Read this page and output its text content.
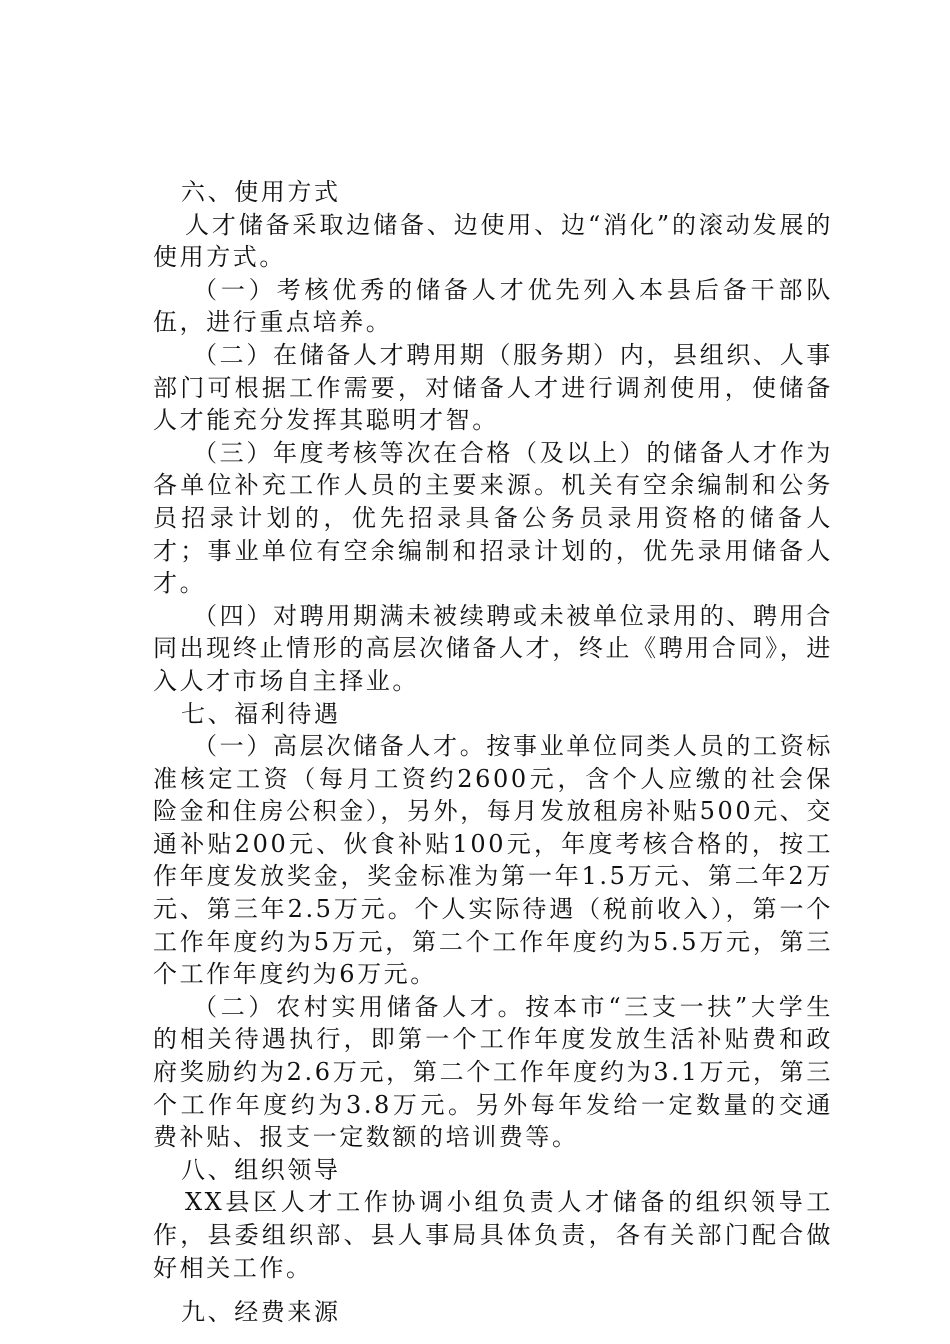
六、使用方式

人才储备采取边储备、边使用、边“消化”的滚动发展的使用方式。

（一）考核优秀的储备人才优先列入本县后备干部队伍，进行重点培养。

（二）在储备人才聘用期（服务期）内，县组织、人事部门可根据工作需要，对储备人才进行调剂使用，使储备人才能充分发挥其聪明才智。

（三）年度考核等次在合格（及以上）的储备人才作为各单位补充工作人员的主要来源。机关有空余编制和公务员招录计划的，优先招录具备公务员录用资格的储备人才；事业单位有空余编制和招录计划的，优先录用储备人才。

（四）对聘用期满未被续聘或未被单位录用的、聘用合同出现终止情形的高层次储备人才，终止《聘用合同》，进入人才市场自主择业。

七、福利待遇

（一）高层次储备人才。按事业单位同类人员的工资标准核定工资（每月工资约2600元，含个人应缴的社会保险金和住房公积金），另外，每月发放租房补贴500元、交通补贴200元、伙食补贴100元，年度考核合格的，按工作年度发放奖金，奖金标准为第一年1.5万元、第二年2万元、第三年2.5万元。个人实际待遇（税前收入），第一个工作年度约为5万元，第二个工作年度约为5.5万元，第三个工作年度约为6万元。

（二）农村实用储备人才。按本市“三支一扶”大学生的相关待遇执行，即第一个工作年度发放生活补贴费和政府奖励约为2.6万元，第二个工作年度约为3.1万元，第三个工作年度约为3.8万元。另外每年发给一定数量的交通费补贴、报支一定数额的培训费等。

八、组织领导

XX县区人才工作协调小组负责人才储备的组织领导工作，县委组织部、县人事局具体负责，各有关部门配合做好相关工作。

九、经费来源
